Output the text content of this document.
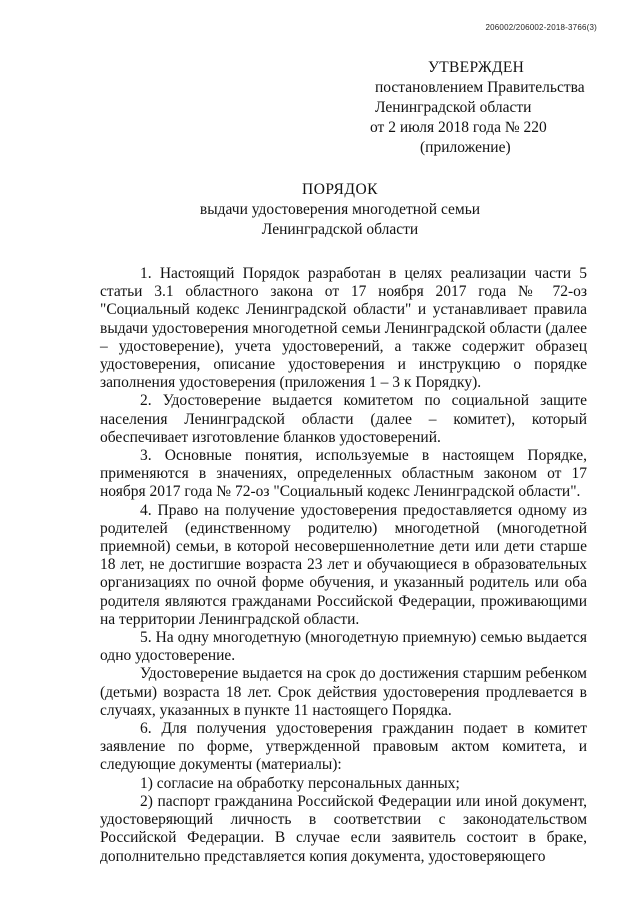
206002/206002-2018-3766(3)
УТВЕРЖДЕН
постановлением Правительства
Ленинградской области
от 2 июля 2018 года № 220
(приложение)
ПОРЯДОК
выдачи удостоверения многодетной семьи
Ленинградской области

1. Настоящий Порядок разработан в целях реализации части 5 статьи 3.1 областного закона от 17 ноября 2017 года № 72-оз "Социальный кодекс Ленинградской области" и устанавливает правила выдачи удостоверения многодетной семьи Ленинградской области (далее – удостоверение), учета удостоверений, а также содержит образец удостоверения, описание удостоверения и инструкцию о порядке заполнения удостоверения (приложения 1 – 3 к Порядку).

2. Удостоверение выдается комитетом по социальной защите населения Ленинградской области (далее – комитет), который обеспечивает изготовление бланков удостоверений.

3. Основные понятия, используемые в настоящем Порядке, применяются в значениях, определенных областным законом от 17 ноября 2017 года № 72-оз "Социальный кодекс Ленинградской области".

4. Право на получение удостоверения предоставляется одному из родителей (единственному родителю) многодетной (многодетной приемной) семьи, в которой несовершеннолетние дети или дети старше 18 лет, не достигшие возраста 23 лет и обучающиеся в образовательных организациях по очной форме обучения, и указанный родитель или оба родителя являются гражданами Российской Федерации, проживающими на территории Ленинградской области.

5. На одну многодетную (многодетную приемную) семью выдается одно удостоверение.

Удостоверение выдается на срок до достижения старшим ребенком (детьми) возраста 18 лет. Срок действия удостоверения продлевается в случаях, указанных в пункте 11 настоящего Порядка.

6. Для получения удостоверения гражданин подает в комитет заявление по форме, утвержденной правовым актом комитета, и следующие документы (материалы):

1) согласие на обработку персональных данных;

2) паспорт гражданина Российской Федерации или иной документ, удостоверяющий личность в соответствии с законодательством Российской Федерации. В случае если заявитель состоит в браке, дополнительно представляется копия документа, удостоверяющего
